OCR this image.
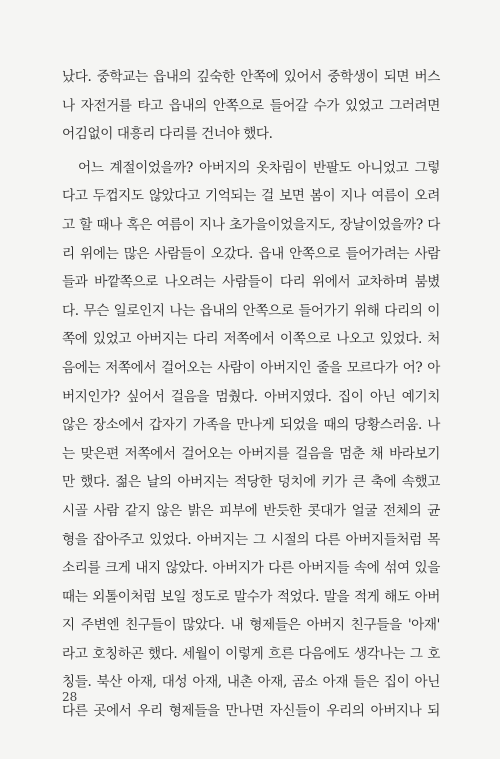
났다. 중학교는 읍내의 깊숙한 안쪽에 있어서 중학생이 되면 버스
나 자전거를 타고 읍내의 안쪽으로 들어갈 수가 있었고 그러려면
어김없이 대흥리 다리를 건너야 했다.
어느 계절이었을까? 아버지의 옷차림이 반팔도 아니었고 그렇
다고 두껍지도 않았다고 기억되는 걸 보면 봄이 지나 여름이 오려
고 할 때나 혹은 여름이 지나 초가을이었을지도, 장날이었을까? 다
리 위에는 많은 사람들이 오갔다. 읍내 안쪽으로 들어가려는 사람
들과 바깥쪽으로 나오려는 사람들이 다리 위에서 교차하며 붐볐
다. 무슨 일로인지 나는 읍내의 안쪽으로 들어가기 위해 다리의 이
쪽에 있었고 아버지는 다리 저쪽에서 이쪽으로 나오고 있었다. 처
음에는 저쪽에서 걸어오는 사람이 아버지인 줄을 모르다가 어? 아
버지인가? 싶어서 걸음을 멈췄다. 아버지였다. 집이 아닌 예기치
않은 장소에서 갑자기 가족을 만나게 되었을 때의 당황스러움. 나
는 맞은편 저쪽에서 걸어오는 아버지를 걸음을 멈춘 채 바라보기
만 했다. 젊은 날의 아버지는 적당한 덩치에 키가 큰 축에 속했고
시골 사람 같지 않은 밝은 피부에 반듯한 콧대가 얼굴 전체의 균
형을 잡아주고 있었다. 아버지는 그 시절의 다른 아버지들처럼 목
소리를 크게 내지 않았다. 아버지가 다른 아버지들 속에 섞여 있을
때는 외톨이처럼 보일 정도로 말수가 적었다. 말을 적게 해도 아버
지 주변엔 친구들이 많았다. 내 형제들은 아버지 친구들을 '아재'
라고 호칭하곤 했다. 세월이 이렇게 흐른 다음에도 생각나는 그 호
칭들. 북산 아재, 대성 아재, 내촌 아재, 곰소 아재 들은 집이 아닌
다른 곳에서 우리 형제들을 만나면 자신들이 우리의 아버지나 되
28
